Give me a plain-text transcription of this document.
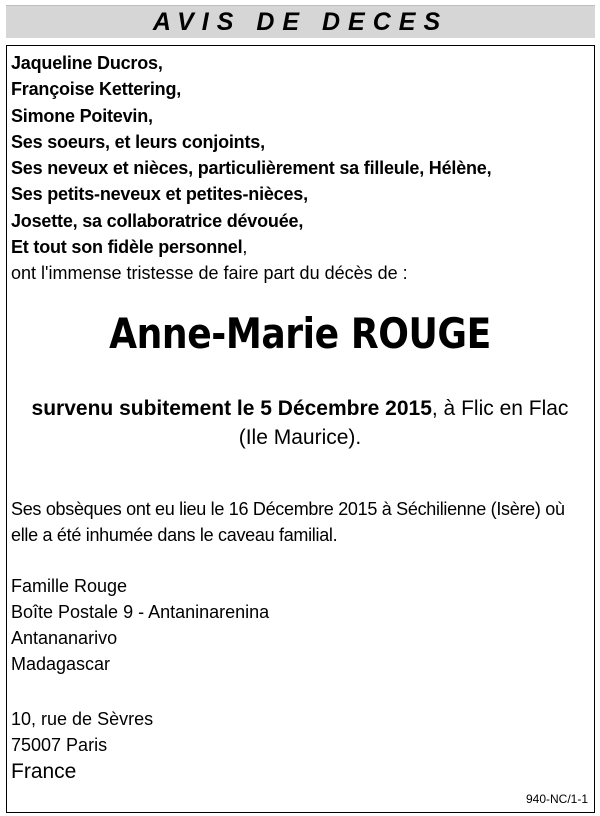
AVIS DE DECES
Jaqueline Ducros,
Françoise Kettering,
Simone Poitevin,
Ses soeurs, et leurs conjoints,
Ses neveux et nièces, particulièrement sa filleule, Hélène,
Ses petits-neveux et petites-nièces,
Josette, sa collaboratrice dévouée,
Et tout son fidèle personnel,
ont l'immense tristesse de faire part du décès de :
Anne-Marie ROUGE
survenu subitement le 5 Décembre 2015, à Flic en Flac
(Ile Maurice).
Ses obsèques ont eu lieu le 16 Décembre 2015 à Séchilienne (Isère) où
elle a été inhumée dans le caveau familial.
Famille Rouge
Boîte Postale 9 - Antaninarenina
Antananarivo
Madagascar
10, rue de Sèvres
75007 Paris
France
940-NC/1-1
